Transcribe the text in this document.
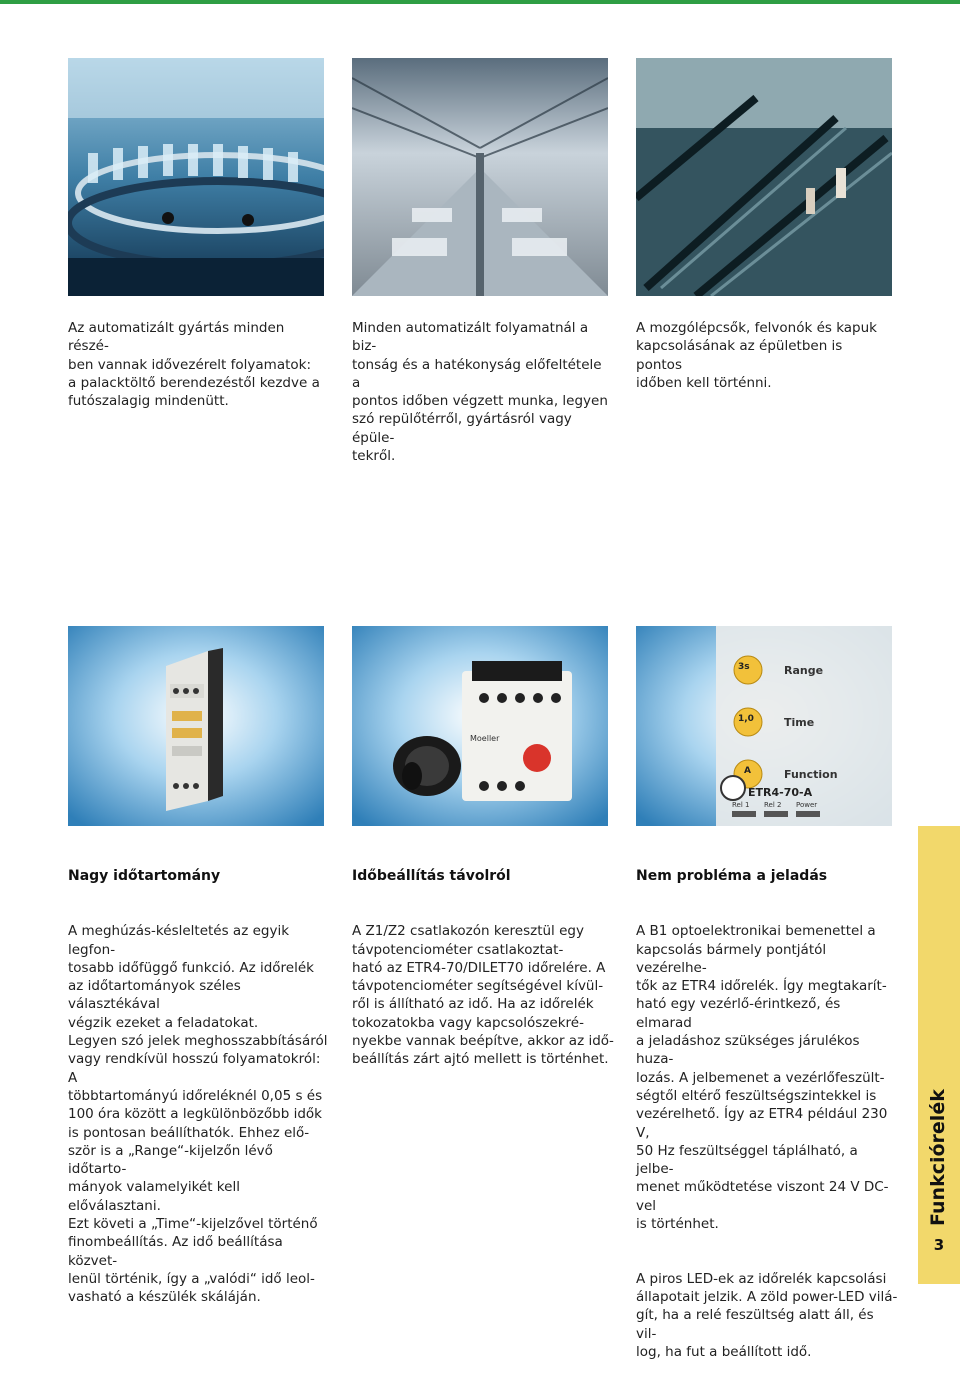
Az automatizált gyártás minden részé-
ben vannak idővezérelt folyamatok:
a palacktöltő berendezéstől kezdve a
futószalagig mindenütt.
Minden automatizált folyamatnál a biz-
tonság és a hatékonyság előfeltétele a
pontos időben végzett munka, legyen
szó repülőtérről, gyártásról vagy épüle-
tekről.
A mozgólépcsők, felvonók és kapuk
kapcsolásának az épületben is pontos
időben kell történni.
Moeller
3s
1,0
A
Range
Time
Function
ETR4-70-A
Rel 1 Rel 2 Power
Nagy időtartomány	Időbeállítás távolról	Nem probléma a jeladás

A meghúzás-késleltetés az egyik legfon-
tosabb időfüggő funkció. Az időrelék
az időtartományok széles választékával
végzik ezeket a feladatokat.
Legyen szó jelek meghosszabbításáról
vagy rendkívül hosszú folyamatokról: A
többtartományú időreléknél 0,05 s és
100 óra között a legkülönbözőbb idők
is pontosan beállíthatók. Ehhez elő-
ször is a „Range“-kijelzőn lévő időtarto-
mányok valamelyikét kell előválasztani.
Ezt követi a „Time“-kijelzővel történő
finombeállítás. Az idő beállítása közvet-
lenül történik, így a „valódi“ idő leol-
vasható a készülék skáláján.

A Z1/Z2 csatlakozón keresztül egy
távpotenciométer csatlakoztat-
ható az ETR4-70/DILET70 időrelére. A
távpotenciométer segítségével kívül-
ről is állítható az idő. Ha az időrelék
tokozatokba vagy kapcsolószekré-
nyekbe vannak beépítve, akkor az idő-
beállítás zárt ajtó mellett is történhet.

A B1 optoelektronikai bemenettel a
kapcsolás bármely pontjától vezérelhe-
tők az ETR4 időrelék. Így megtakarít-
ható egy vezérlő-érintkező, és elmarad
a jeladáshoz szükséges járulékos huza-
lozás. A jelbemenet a vezérlőfeszült-
ségtől eltérő feszültségszintekkel is
vezérelhető. Így az ETR4 például 230 V,
50 Hz feszültséggel táplálható, a jelbe-
menet működtetése viszont 24 V DC-vel
is történhet.

A piros LED-ek az időrelék kapcsolási
állapotait jelzik. A zöld power-LED vilá-
gít, ha a relé feszültség alatt áll, és vil-
log, ha fut a beállított idő.

Funkciórelék
3
